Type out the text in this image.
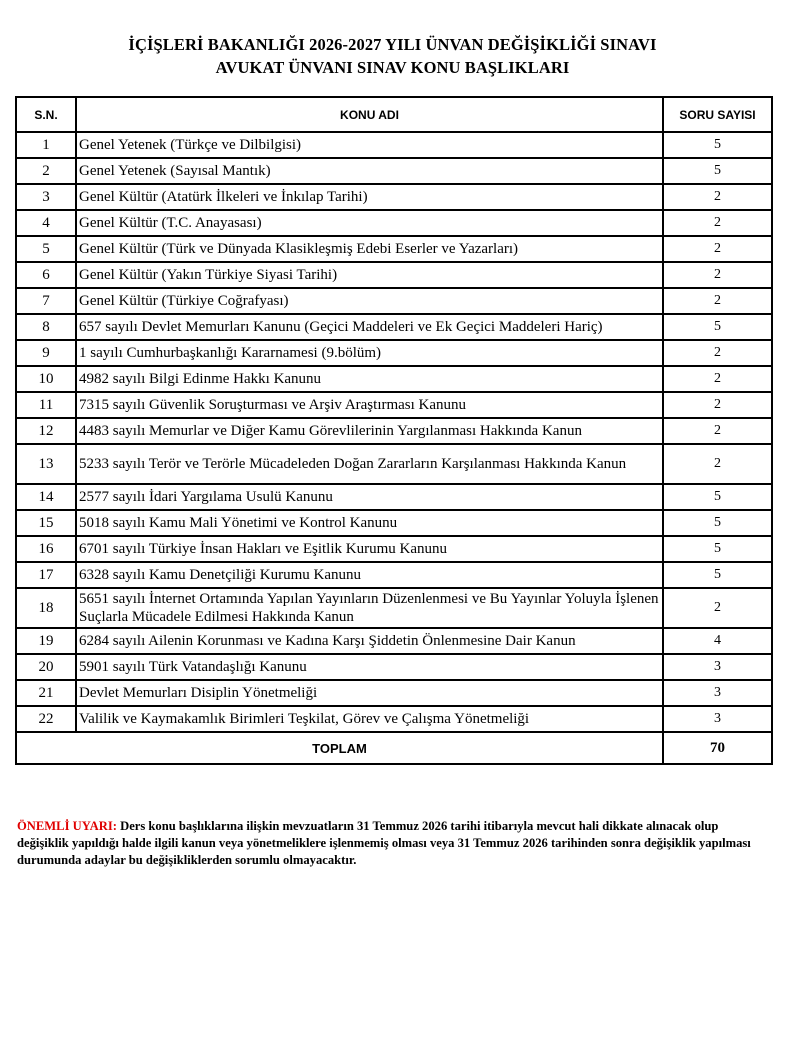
İÇİŞLERİ BAKANLIĞI 2026-2027 YILI ÜNVAN DEĞİŞİKLİĞİ SINAVI
AVUKAT ÜNVANI SINAV KONU BAŞLIKLARI
S.N.	KONU ADI	SORU SAYISI
1	Genel Yetenek (Türkçe ve Dilbilgisi)	5
2	Genel Yetenek (Sayısal Mantık)	5
3	Genel Kültür (Atatürk İlkeleri ve İnkılap Tarihi)	2
4	Genel Kültür (T.C. Anayasası)	2
5	Genel Kültür (Türk ve Dünyada Klasikleşmiş Edebi Eserler ve Yazarları)	2
6	Genel Kültür (Yakın Türkiye Siyasi Tarihi)	2
7	Genel Kültür (Türkiye Coğrafyası)	2
8	657 sayılı Devlet Memurları Kanunu (Geçici Maddeleri ve Ek Geçici Maddeleri Hariç)	5
9	1 sayılı Cumhurbaşkanlığı Kararnamesi (9.bölüm)	2
10	4982 sayılı Bilgi Edinme Hakkı Kanunu	2
11	7315 sayılı Güvenlik Soruşturması ve Arşiv Araştırması Kanunu	2
12	4483 sayılı Memurlar ve Diğer Kamu Görevlilerinin Yargılanması Hakkında Kanun	2
13	5233 sayılı Terör ve Terörle Mücadeleden Doğan Zararların Karşılanması Hakkında Kanun	2
14	2577 sayılı İdari Yargılama Usulü Kanunu	5
15	5018 sayılı Kamu Mali Yönetimi ve Kontrol Kanunu	5
16	6701 sayılı Türkiye İnsan Hakları ve Eşitlik Kurumu Kanunu	5
17	6328 sayılı Kamu Denetçiliği Kurumu Kanunu	5
18	5651 sayılı İnternet Ortamında Yapılan Yayınların Düzenlenmesi ve Bu Yayınlar Yoluyla İşlenen Suçlarla Mücadele Edilmesi Hakkında Kanun	2
19	6284 sayılı Ailenin Korunması ve Kadına Karşı Şiddetin Önlenmesine Dair Kanun	4
20	5901 sayılı Türk Vatandaşlığı Kanunu	3
21	Devlet Memurları Disiplin Yönetmeliği	3
22	Valilik ve Kaymakamlık Birimleri Teşkilat, Görev ve Çalışma Yönetmeliği	3
TOPLAM		70
ÖNEMLİ UYARI: Ders konu başlıklarına ilişkin mevzuatların 31 Temmuz 2026 tarihi itibarıyla mevcut hali dikkate alınacak olup değişiklik yapıldığı halde ilgili kanun veya yönetmeliklere işlenmemiş olması veya 31 Temmuz 2026 tarihinden sonra değişiklik yapılması durumunda adaylar bu değişikliklerden sorumlu olmayacaktır.
